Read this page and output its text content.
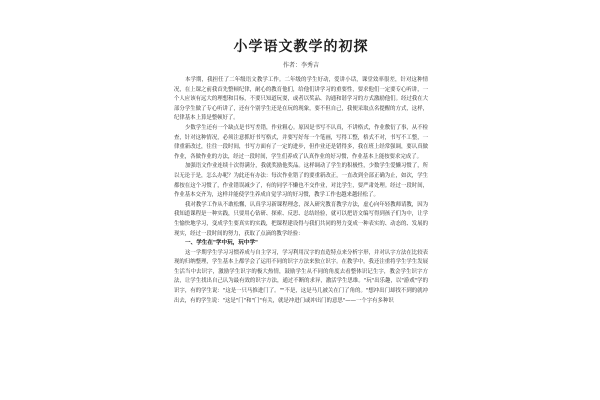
小学语文教学的初探
作者：李秀吉

本学期，我担任了二年级语文教学工作。二年级的学生好动，爱讲小话，课堂效率很差，针对这种情况，在上课之前我首先整顿纪律，耐心的教育他们，给他们讲学习的重要性，要求他们一定要专心听讲，一个人应该有远大的理想和目标，不要只知道玩耍，或者以奖品、沟通和谐学习的方式激励他们。经过我在大部分学生做了专心听讲了，还有个别学生还是在玩的现象，要不但自己，我便采取点名提醒的方式，这样，纪律基本上算是整顿好了。

少数学生还有一个缺点是书写差错，作业粗心。原因是书写不认真，不讲格式，作业敷衍了事，从不检查，针对这种情况，必须注意抓好书写格式，并要写好每一个笔画，写得工整，格式不对，书写不工整，一律重新改过，往往一段时间，书写方面有了一定的进步，但作业还是错得多，我在班上经常强调，要认真做作业，各做作业的方法，经过一段时间，学生们养成了认真作业的好习惯，作业基本上能按要求完成了。

加强语文作业连续十次得满分，我就奖励他奖品。这样调动了学生的积极性，少数学生爱懒习惯了，所以无论于是，怎么办呢？为此还有办法：每次作业错了的要重新改正，一直改到全部正确为止，如次，学生都按在这个习惯了，作业错误减少了，有的同学不懒也不交作业，对比学生，要严肃处理。经过一段时间，作业基本交齐为，这样并能使学生养成自觉学习的好习惯，教学工作也越来越轻松了。

我对教学工作从不敢松懈，认真学习新课程理念，深入研究教育教学方法，虚心向年轻教师请教，因为我知道课程是一种实践，只要用心钻研、探索、反思、总结经验，就可以把语文编写得到孩子们为中，让学生愉快地学习，变成学生要真实的实践，把课程建设得与我们共同的努力变成一种表实的、动态的、发展的现实，经过一段时间的努力，获取了点滴的教学经验：

一、学生在"学中玩，玩中学"

这一学期学生学习习惯养成与自主学习，学习利用汉字的直造特点来分析字形，并对认字方法在比较表现的归纳整理，学生基本上都学会了运用不同的识字方法来独立识字。在教学中，我还注重将学生学生发展生活当中去识字，激励学生识字的极大热情，鼓励学生从不同的角度去看整体识记生字，教会学生识字方法，让学生找出自己认为最有效的识字方法，通过不断的求异，激活学生思维。"玩"出乐趣，以"游戏"学的识字，有的学生说："这是一只马推进门了。""不是，这是马几被关在门了角的。"想冲出门却找不到的就冲出去，有的学生说："这是"门"和"门"有关，就是冲进门或冲出门的意思"——一个字有多种识
